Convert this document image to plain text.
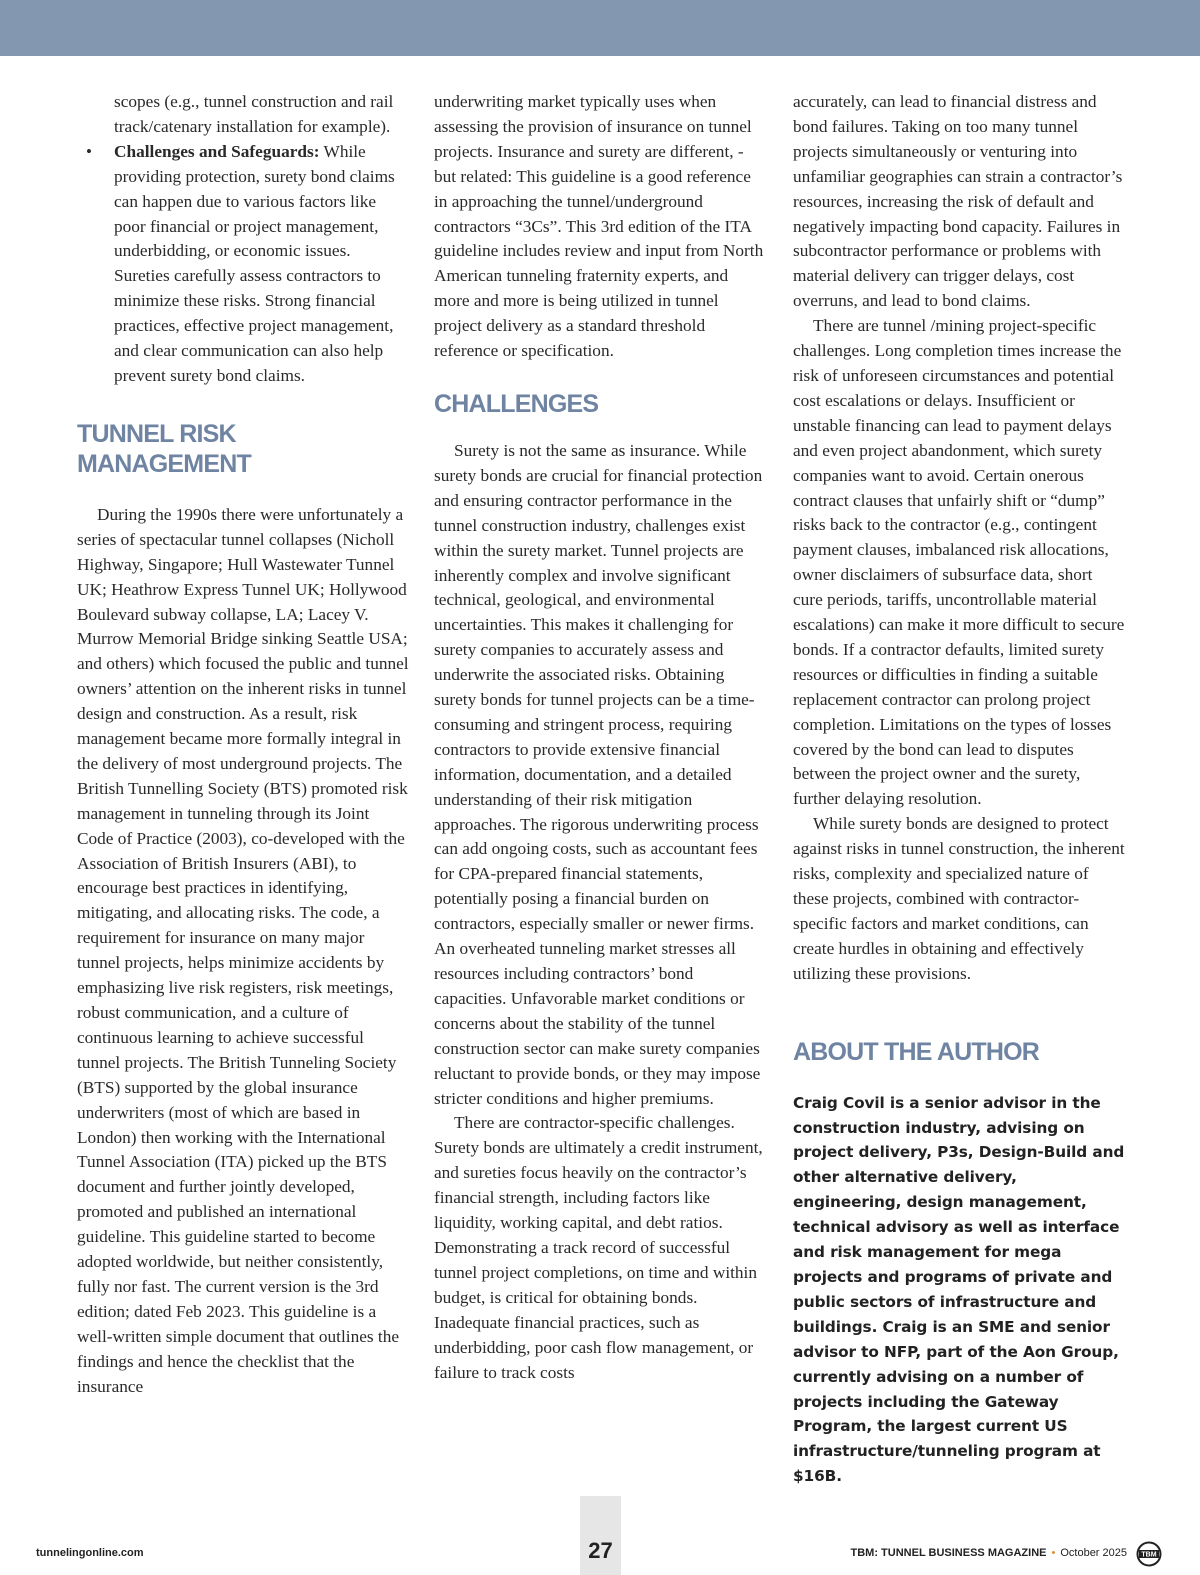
scopes (e.g., tunnel construction and rail track/catenary installation for example).

• Challenges and Safeguards: While providing protection, surety bond claims can happen due to various factors like poor financial or project management, underbidding, or economic issues. Sureties carefully assess contractors to minimize these risks. Strong financial practices, effective project management, and clear communication can also help prevent surety bond claims.
TUNNEL RISK MANAGEMENT

During the 1990s there were unfortunately a series of spectacular tunnel collapses (Nicholl Highway, Singapore; Hull Wastewater Tunnel UK; Heathrow Express Tunnel UK; Hollywood Boulevard subway collapse, LA; Lacey V. Murrow Memorial Bridge sinking Seattle USA; and others) which focused the public and tunnel owners’ attention on the inherent risks in tunnel design and construction. As a result, risk management became more formally integral in the delivery of most underground projects. The British Tunnelling Society (BTS) promoted risk management in tunneling through its Joint Code of Practice (2003), co-developed with the Association of British Insurers (ABI), to encourage best practices in identifying, mitigating, and allocating risks. The code, a requirement for insurance on many major tunnel projects, helps minimize accidents by emphasizing live risk registers, risk meetings, robust communication, and a culture of continuous learning to achieve successful tunnel projects. The British Tunneling Society (BTS) supported by the global insurance underwriters (most of which are based in London) then working with the International Tunnel Association (ITA) picked up the BTS document and further jointly developed, promoted and published an international guideline. This guideline started to become adopted worldwide, but neither consistently, fully nor fast. The current version is the 3rd edition; dated Feb 2023. This guideline is a well-written simple document that outlines the findings and hence the checklist that the insurance

underwriting market typically uses when assessing the provision of insurance on tunnel projects. Insurance and surety are different, - but related: This guideline is a good reference in approaching the tunnel/underground contractors “3Cs”. This 3rd edition of the ITA guideline includes review and input from North American tunneling fraternity experts, and more and more is being utilized in tunnel project delivery as a standard threshold reference or specification.

CHALLENGES

Surety is not the same as insurance. While surety bonds are crucial for financial protection and ensuring contractor performance in the tunnel construction industry, challenges exist within the surety market. Tunnel projects are inherently complex and involve significant technical, geological, and environmental uncertainties. This makes it challenging for surety companies to accurately assess and underwrite the associated risks. Obtaining surety bonds for tunnel projects can be a time-consuming and stringent process, requiring contractors to provide extensive financial information, documentation, and a detailed understanding of their risk mitigation approaches. The rigorous underwriting process can add ongoing costs, such as accountant fees for CPA-prepared financial statements, potentially posing a financial burden on contractors, especially smaller or newer firms. An overheated tunneling market stresses all resources including contractors’ bond capacities. Unfavorable market conditions or concerns about the stability of the tunnel construction sector can make surety companies reluctant to provide bonds, or they may impose stricter conditions and higher premiums.

There are contractor-specific challenges. Surety bonds are ultimately a credit instrument, and sureties focus heavily on the contractor’s financial strength, including factors like liquidity, working capital, and debt ratios. Demonstrating a track record of successful tunnel project completions, on time and within budget, is critical for obtaining bonds. Inadequate financial practices, such as underbidding, poor cash flow management, or failure to track costs

accurately, can lead to financial distress and bond failures. Taking on too many tunnel projects simultaneously or venturing into unfamiliar geographies can strain a contractor’s resources, increasing the risk of default and negatively impacting bond capacity. Failures in subcontractor performance or problems with material delivery can trigger delays, cost overruns, and lead to bond claims.

There are tunnel /mining project-specific challenges. Long completion times increase the risk of unforeseen circumstances and potential cost escalations or delays. Insufficient or unstable financing can lead to payment delays and even project abandonment, which surety companies want to avoid. Certain onerous contract clauses that unfairly shift or “dump” risks back to the contractor (e.g., contingent payment clauses, imbalanced risk allocations, owner disclaimers of subsurface data, short cure periods, tariffs, uncontrollable material escalations) can make it more difficult to secure bonds. If a contractor defaults, limited surety resources or difficulties in finding a suitable replacement contractor can prolong project completion. Limitations on the types of losses covered by the bond can lead to disputes between the project owner and the surety, further delaying resolution.

While surety bonds are designed to protect against risks in tunnel construction, the inherent risks, complexity and specialized nature of these projects, combined with contractor-specific factors and market conditions, can create hurdles in obtaining and effectively utilizing these provisions.

ABOUT THE AUTHOR

Craig Covil is a senior advisor in the construction industry, advising on project delivery, P3s, Design-Build and other alternative delivery, engineering, design management, technical advisory as well as interface and risk management for mega projects and programs of private and public sectors of infrastructure and buildings. Craig is an SME and senior advisor to NFP, part of the Aon Group, currently advising on a number of projects including the Gateway Program, the largest current US infrastructure/tunneling program at $16B.

tunnelingonline.com	27	TBM: TUNNEL BUSINESS MAGAZINE • October 2025 TBM
